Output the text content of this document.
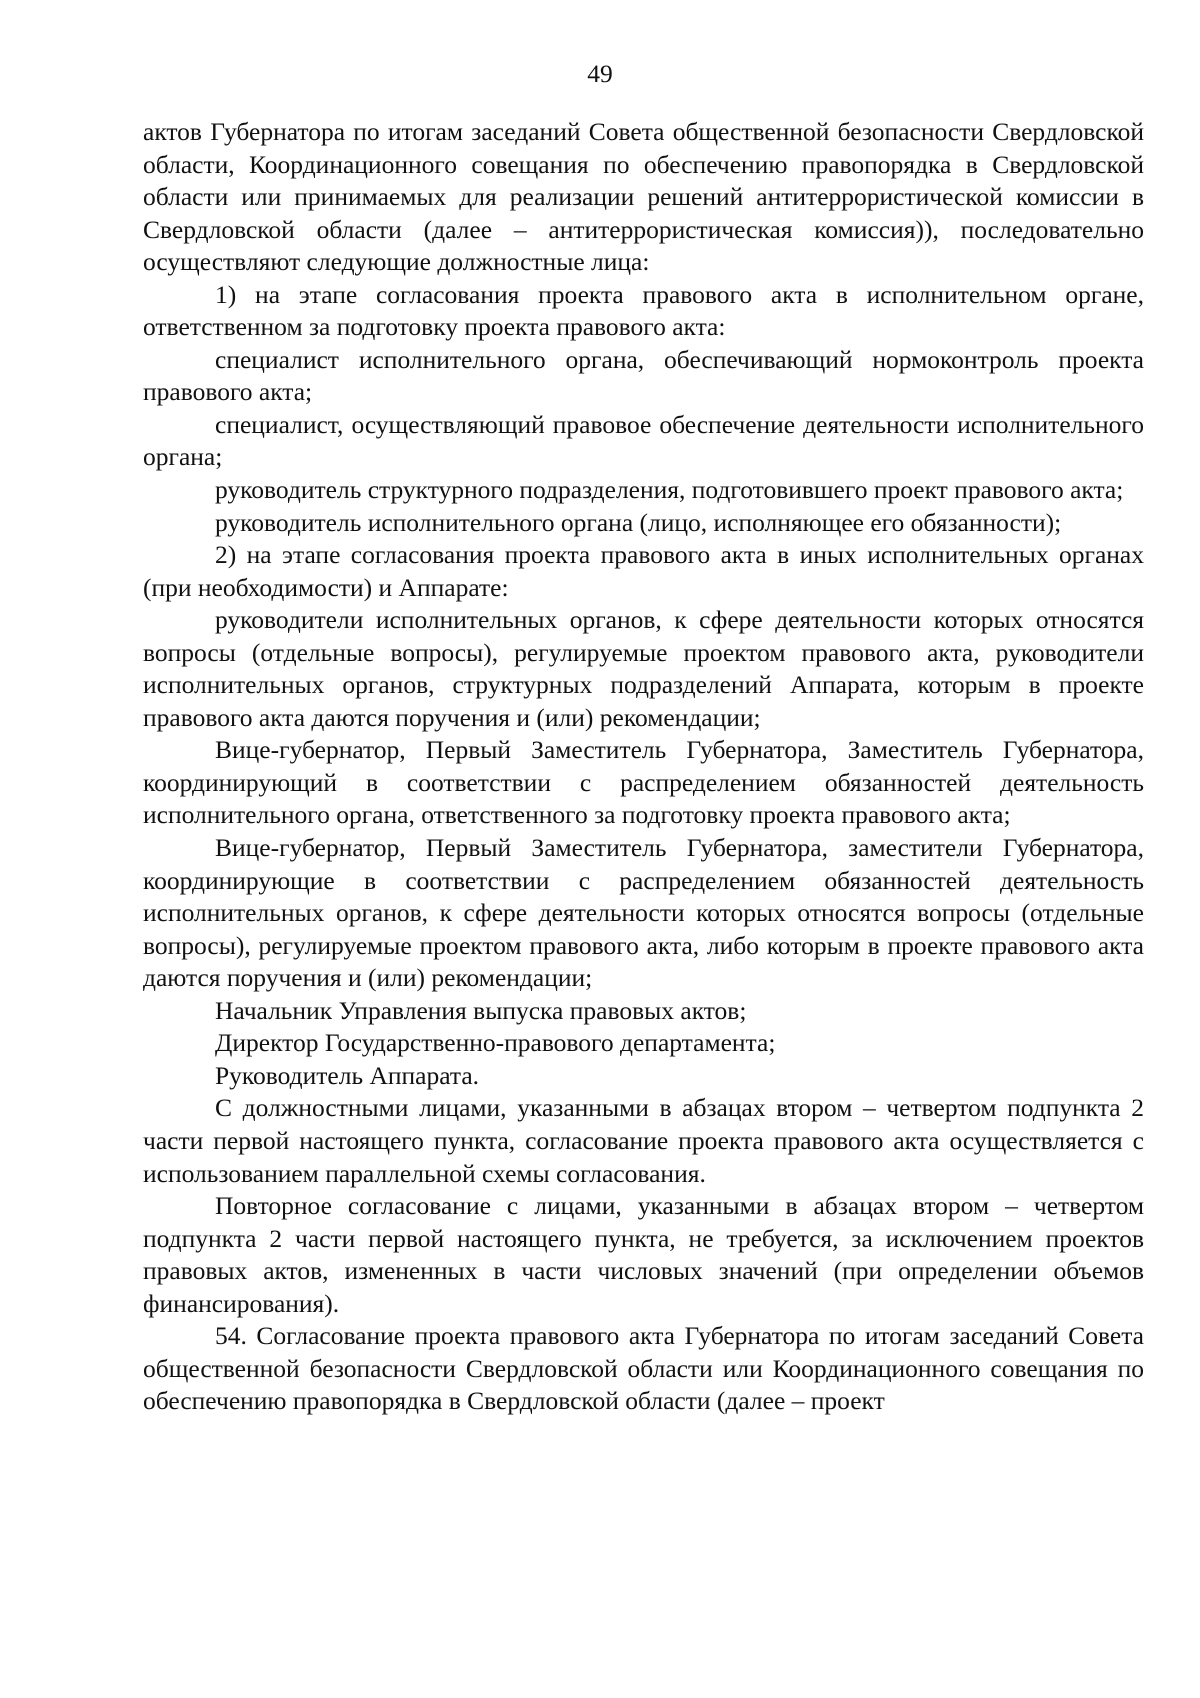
49

актов Губернатора по итогам заседаний Совета общественной безопасности Свердловской области, Координационного совещания по обеспечению правопорядка в Свердловской области или принимаемых для реализации решений антитеррористической комиссии в Свердловской области (далее – антитеррористическая комиссия)), последовательно осуществляют следующие должностные лица:

1) на этапе согласования проекта правового акта в исполнительном органе, ответственном за подготовку проекта правового акта:

специалист исполнительного органа, обеспечивающий нормоконтроль проекта правового акта;

специалист, осуществляющий правовое обеспечение деятельности исполнительного органа;

руководитель структурного подразделения, подготовившего проект правового акта;

руководитель исполнительного органа (лицо, исполняющее его обязанности);

2) на этапе согласования проекта правового акта в иных исполнительных органах (при необходимости) и Аппарате:

руководители исполнительных органов, к сфере деятельности которых относятся вопросы (отдельные вопросы), регулируемые проектом правового акта, руководители исполнительных органов, структурных подразделений Аппарата, которым в проекте правового акта даются поручения и (или) рекомендации;

Вице-губернатор, Первый Заместитель Губернатора, Заместитель Губернатора, координирующий в соответствии с распределением обязанностей деятельность исполнительного органа, ответственного за подготовку проекта правового акта;

Вице-губернатор, Первый Заместитель Губернатора, заместители Губернатора, координирующие в соответствии с распределением обязанностей деятельность исполнительных органов, к сфере деятельности которых относятся вопросы (отдельные вопросы), регулируемые проектом правового акта, либо которым в проекте правового акта даются поручения и (или) рекомендации;

Начальник Управления выпуска правовых актов;

Директор Государственно-правового департамента;

Руководитель Аппарата.

С должностными лицами, указанными в абзацах втором – четвертом подпункта 2 части первой настоящего пункта, согласование проекта правового акта осуществляется с использованием параллельной схемы согласования.

Повторное согласование с лицами, указанными в абзацах втором – четвертом подпункта 2 части первой настоящего пункта, не требуется, за исключением проектов правовых актов, измененных в части числовых значений (при определении объемов финансирования).

54. Согласование проекта правового акта Губернатора по итогам заседаний Совета общественной безопасности Свердловской области или Координационного совещания по обеспечению правопорядка в Свердловской области (далее – проект
